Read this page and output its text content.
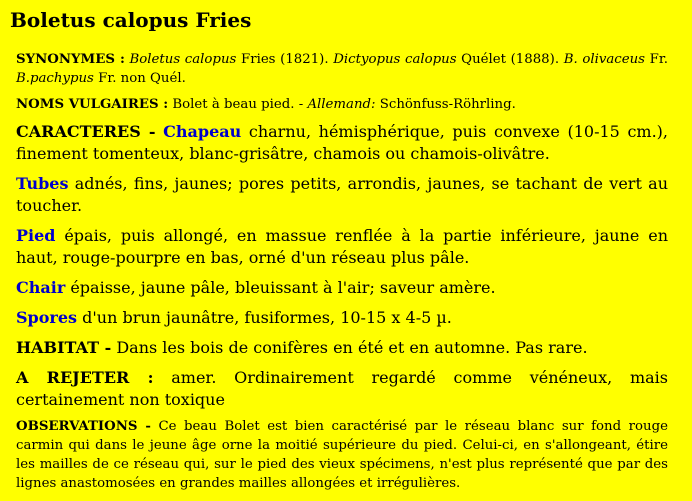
Boletus calopus Fries

SYNONYMES : Boletus calopus Fries (1821). Dictyopus calopus Quélet (1888). B. olivaceus Fr. B.pachypus Fr. non Quél.

NOMS VULGAIRES : Bolet à beau pied. - Allemand: Schönfuss-Röhrling.

CARACTERES - Chapeau charnu, hémisphérique, puis convexe (10-15 cm.), finement tomenteux, blanc-grisâtre, chamois ou chamois-olivâtre.

Tubes adnés, fins, jaunes; pores petits, arrondis, jaunes, se tachant de vert au toucher.

Pied épais, puis allongé, en massue renflée à la partie inférieure, jaune en haut, rouge-pourpre en bas, orné d'un réseau plus pâle.

Chair épaisse, jaune pâle, bleuissant à l'air; saveur amère.

Spores d'un brun jaunâtre, fusiformes, 10-15 x 4-5 µ.

HABITAT - Dans les bois de conifères en été et en automne. Pas rare.

A REJETER : amer. Ordinairement regardé comme vénéneux, mais certainement non toxique

OBSERVATIONS - Ce beau Bolet est bien caractérisé par le réseau blanc sur fond rouge carmin qui dans le jeune âge orne la moitié supérieure du pied. Celui-ci, en s'allongeant, étire les mailles de ce réseau qui, sur le pied des vieux spécimens, n'est plus représenté que par des lignes anastomosées en grandes mailles allongées et irrégulières.
